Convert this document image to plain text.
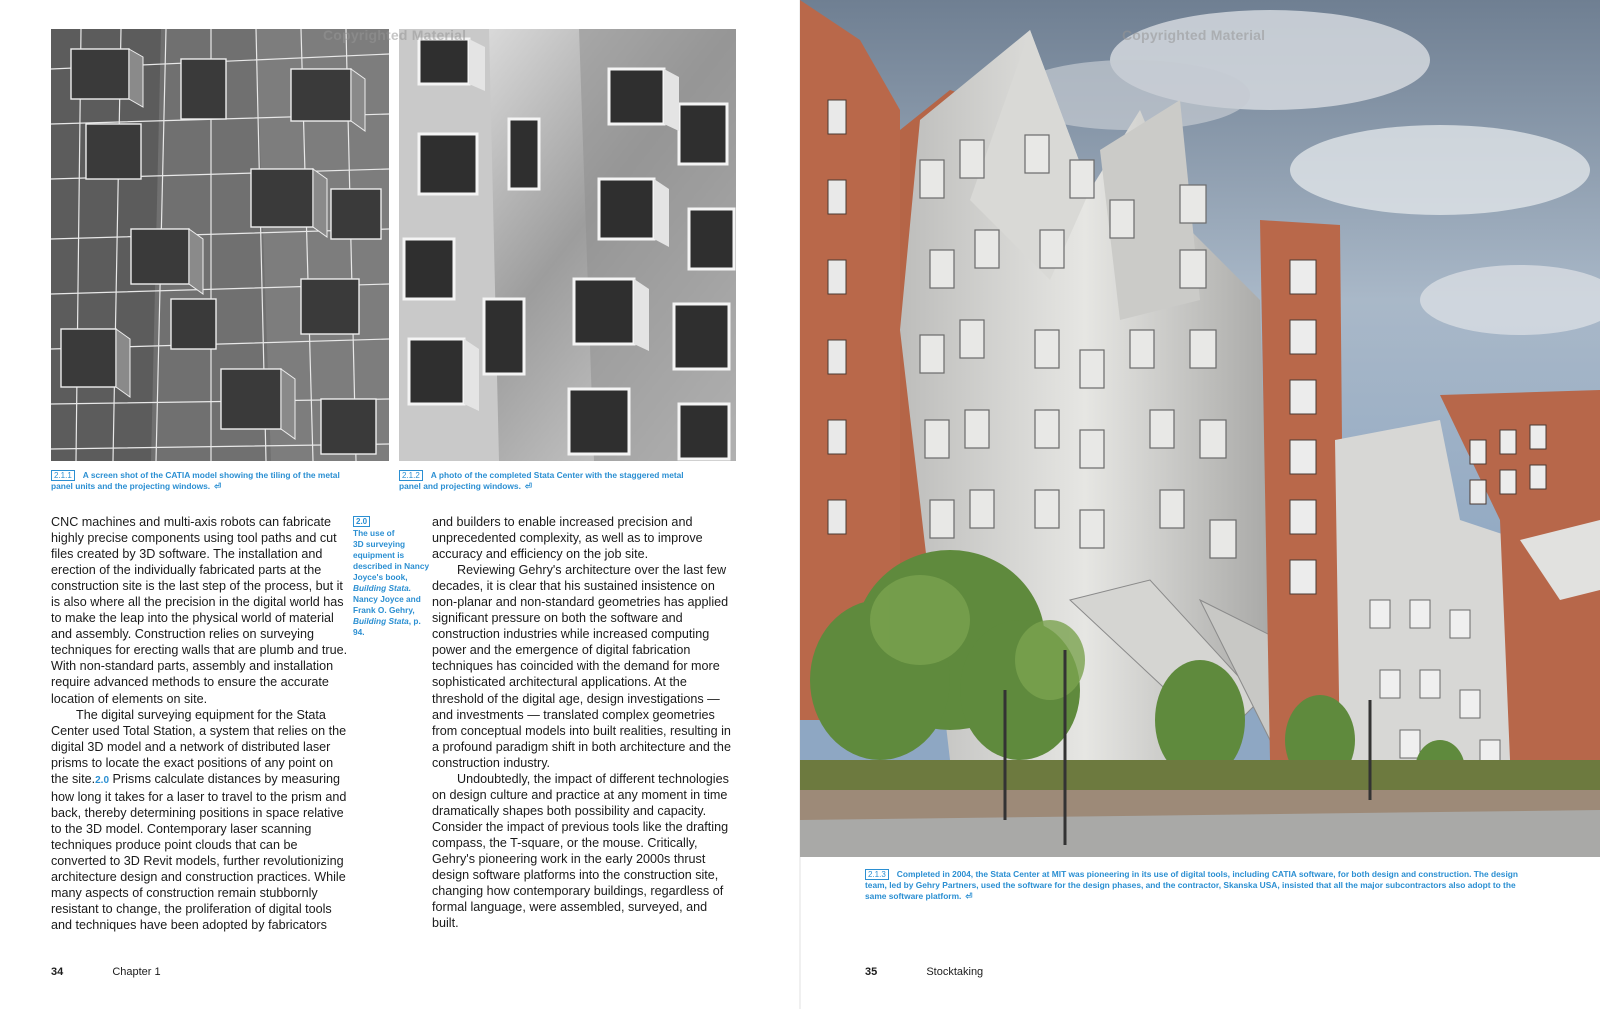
Copyrighted Material	Copyrighted Material
2.1.1 A screen shot of the CATIA model showing the tiling of the metal panel units and the projecting windows. ⏎
2.1.2 A photo of the completed Stata Center with the staggered metal panel and projecting windows. ⏎
2.1.3 Completed in 2004, the Stata Center at MIT was pioneering in its use of digital tools, including CATIA software, for both design and construction. The design team, led by Gehry Partners, used the software for the design phases, and the contractor, Skanska USA, insisted that all the major subcontractors also adopt to the same software platform. ⏎

CNC machines and multi-axis robots can fabricate highly precise components using tool paths and cut files created by 3D software. The installation and erection of the individually fabricated parts at the construction site is the last step of the process, but it is also where all the precision in the digital world has to make the leap into the physical world of material and assembly. Construction relies on surveying techniques for erecting walls that are plumb and true. With non-standard parts, assembly and installation require advanced methods to ensure the accurate location of elements on site.

The digital surveying equipment for the Stata Center used Total Station, a system that relies on the digital 3D model and a network of distributed laser prisms to locate the exact positions of any point on the site.2.0 Prisms calculate distances by measuring how long it takes for a laser to travel to the prism and back, thereby determining positions in space relative to the 3D model. Contemporary laser scanning techniques produce point clouds that can be converted to 3D Revit models, further revolutionizing architecture design and construction practices. While many aspects of construction remain stubbornly resistant to change, the proliferation of digital tools and techniques have been adopted by fabricators

2.0
The use of
3D surveying
equipment is
described in Nancy
Joyce's book,
Building Stata.
Nancy Joyce and Frank O. Gehry,
Building Stata, p. 94.

and builders to enable increased precision and unprecedented complexity, as well as to improve accuracy and efficiency on the job site.

Reviewing Gehry's architecture over the last few decades, it is clear that his sustained insistence on non-planar and non-standard geometries has applied significant pressure on both the software and construction industries while increased computing power and the emergence of digital fabrication techniques has coincided with the demand for more sophisticated architectural applications. At the threshold of the digital age, design investigations — and investments — translated complex geometries from conceptual models into built realities, resulting in a profound paradigm shift in both architecture and the construction industry.

Undoubtedly, the impact of different technologies on design culture and practice at any moment in time dramatically shapes both possibility and capacity. Consider the impact of previous tools like the drafting compass, the T-square, or the mouse. Critically, Gehry's pioneering work in the early 2000s thrust design software platforms into the construction site, changing how contemporary buildings, regardless of formal language, were assembled, surveyed, and built.

34	Chapter 1	35	Stocktaking
